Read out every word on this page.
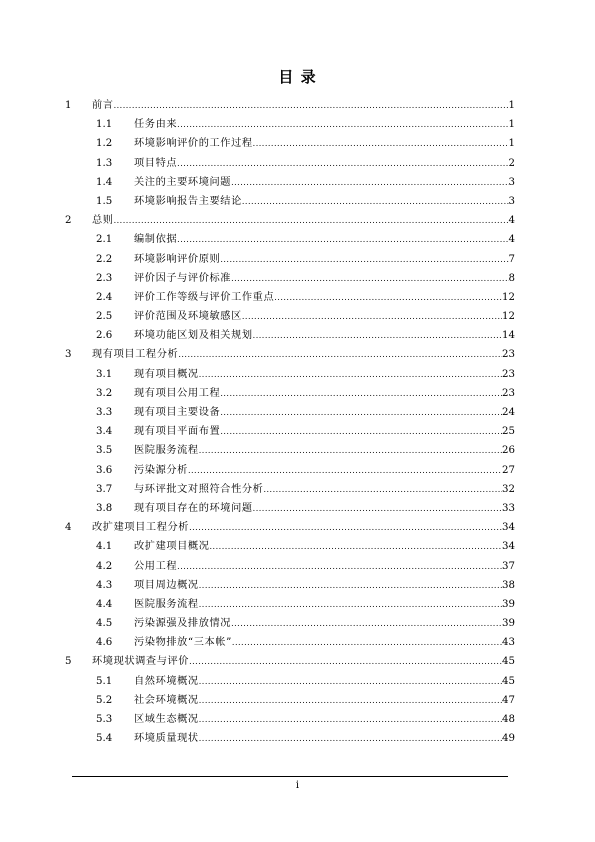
目 录
1 前言 .....	1
1.1 任务由来 .....	1
1.2 环境影响评价的工作过程 .....	1
1.3 项目特点 .....	2
1.4 关注的主要环境问题 .....	3
1.5 环境影响报告主要结论 .....	3
2 总则 .....	4
2.1 编制依据 .....	4
2.2 环境影响评价原则 .....	7
2.3 评价因子与评价标准 .....	8
2.4 评价工作等级与评价工作重点 .....	12
2.5 评价范围及环境敏感区 .....	12
2.6 环境功能区划及相关规划 .....	14
3 现有项目工程分析 .....	23
3.1 现有项目概况 .....	23
3.2 现有项目公用工程 .....	23
3.3 现有项目主要设备 .....	24
3.4 现有项目平面布置 .....	25
3.5 医院服务流程 .....	26
3.6 污染源分析 .....	27
3.7 与环评批文对照符合性分析 .....	32
3.8 现有项目存在的环境问题 .....	33
4 改扩建项目工程分析 .....	34
4.1 改扩建项目概况 .....	34
4.2 公用工程 .....	37
4.3 项目周边概况 .....	38
4.4 医院服务流程 .....	39
4.5 污染源强及排放情况 .....	39
4.6 污染物排放“三本帐” .....	43
5 环境现状调查与评价 .....	45
5.1 自然环境概况 .....	45
5.2 社会环境概况 .....	47
5.3 区域生态概况 .....	48
5.4 环境质量现状 .....	49
i
